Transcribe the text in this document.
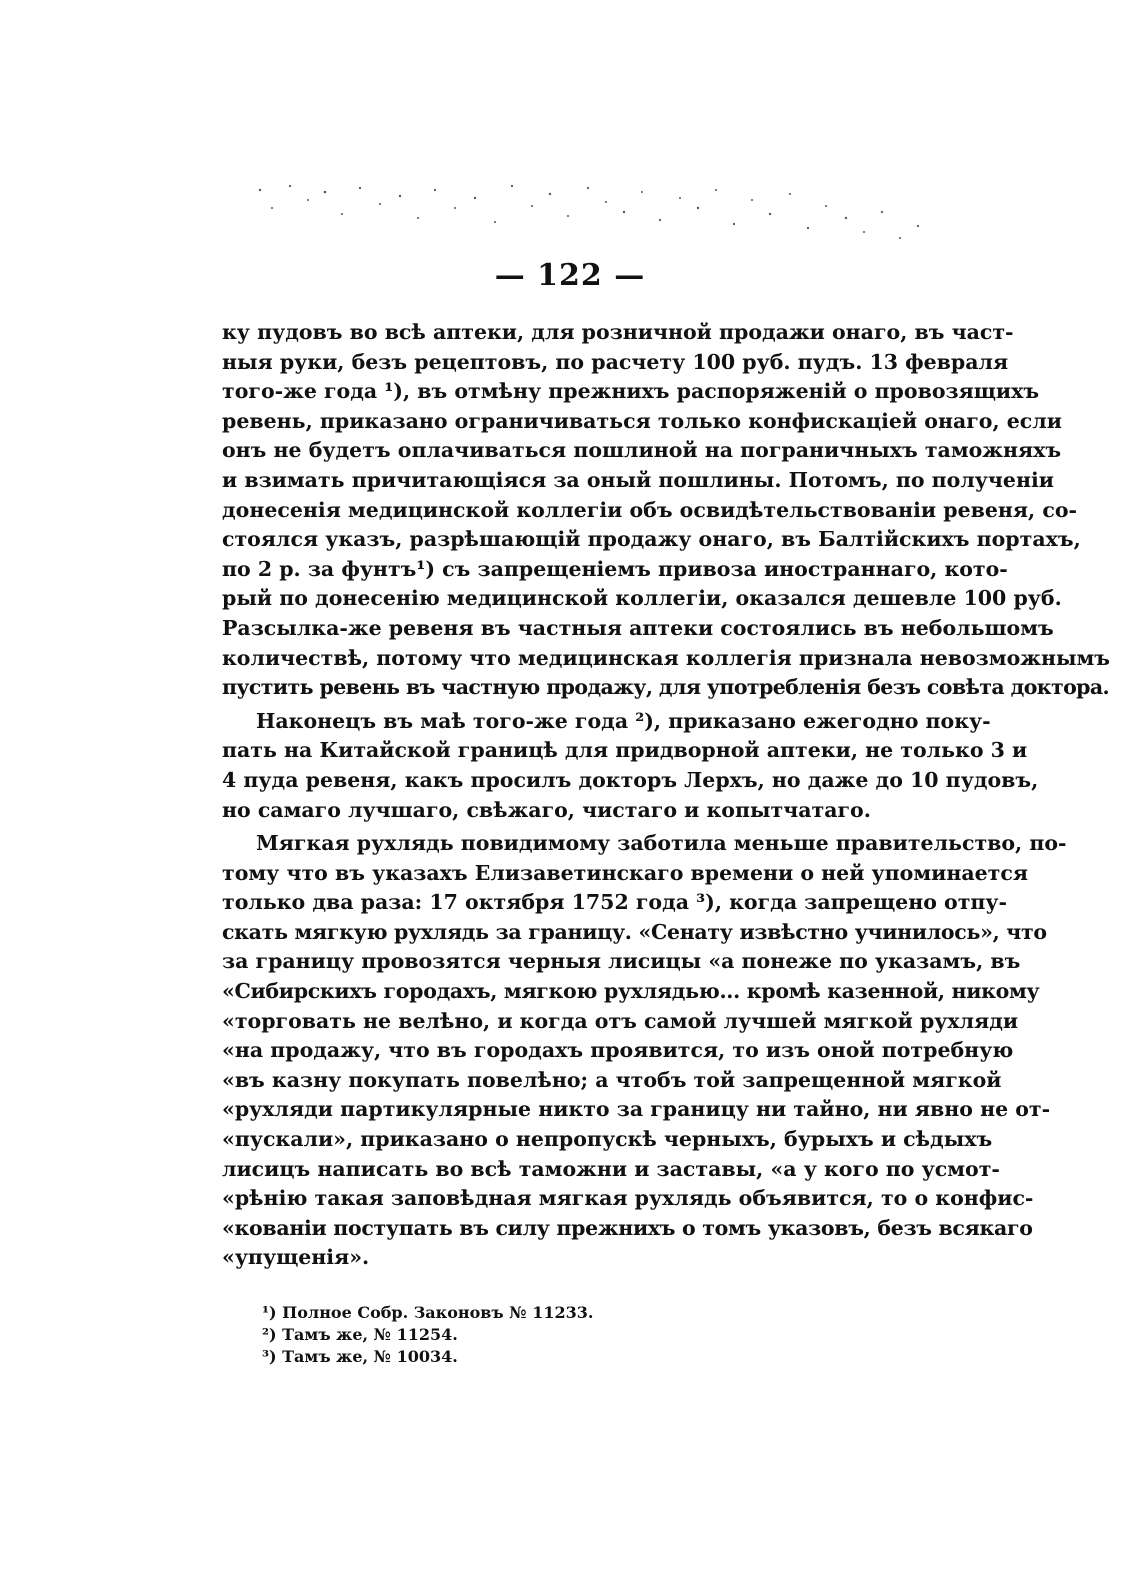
— 122 —
ку пудовъ во всѣ аптеки, для розничной продажи онаго, въ част-
ныя руки, безъ рецептовъ, по расчету 100 руб. пудъ. 13 февраля
того-же года ¹), въ отмѣну прежнихъ распоряженій о провозящихъ
ревень, приказано ограничиваться только конфискаціей онаго, если
онъ не будетъ оплачиваться пошлиной на пограничныхъ таможняхъ
и взимать причитающіяся за оный пошлины. Потомъ, по полученіи
донесенія медицинской коллегіи объ освидѣтельствованіи ревеня, со-
стоялся указъ, разрѣшающій продажу онаго, въ Балтійскихъ портахъ,
по 2 р. за фунтъ¹) съ запрещеніемъ привоза иностраннаго, кото-
рый по донесенію медицинской коллегіи, оказался дешевле 100 руб.
Разсылка-же ревеня въ частныя аптеки состоялись въ небольшомъ
количествѣ, потому что медицинская коллегія признала невозможнымъ
пустить ревень въ частную продажу, для употребленія безъ совѣта доктора.
Наконецъ въ маѣ того-же года ²), приказано ежегодно поку-
пать на Китайской границѣ для придворной аптеки, не только 3 и
4 пуда ревеня, какъ просилъ докторъ Лерхъ, но даже до 10 пудовъ,
но самаго лучшаго, свѣжаго, чистаго и копытчатаго.
Мягкая рухлядь повидимому заботила меньше правительство, по-
тому что въ указахъ Елизаветинскаго времени о ней упоминается
только два раза: 17 октября 1752 года ³), когда запрещено отпу-
скать мягкую рухлядь за границу. «Сенату извѣстно учинилось», что
за границу провозятся черныя лисицы «а понеже по указамъ, въ
«Сибирскихъ городахъ, мягкою рухлядью... кромѣ казенной, никому
«торговать не велѣно, и когда отъ самой лучшей мягкой рухляди
«на продажу, что въ городахъ проявится, то изъ оной потребную
«въ казну покупать повелѣно; а чтобъ той запрещенной мягкой
«рухляди партикулярные никто за границу ни тайно, ни явно не от-
«пускали», приказано о непропускѣ черныхъ, бурыхъ и сѣдыхъ
лисицъ написать во всѣ таможни и заставы, «а у кого по усмот-
«рѣнію такая заповѣдная мягкая рухлядь объявится, то о конфис-
«кованіи поступать въ силу прежнихъ о томъ указовъ, безъ всякаго
«упущенія».
¹) Полное Собр. Законовъ № 11233.
²) Тамъ же, № 11254.
³) Тамъ же, № 10034.
